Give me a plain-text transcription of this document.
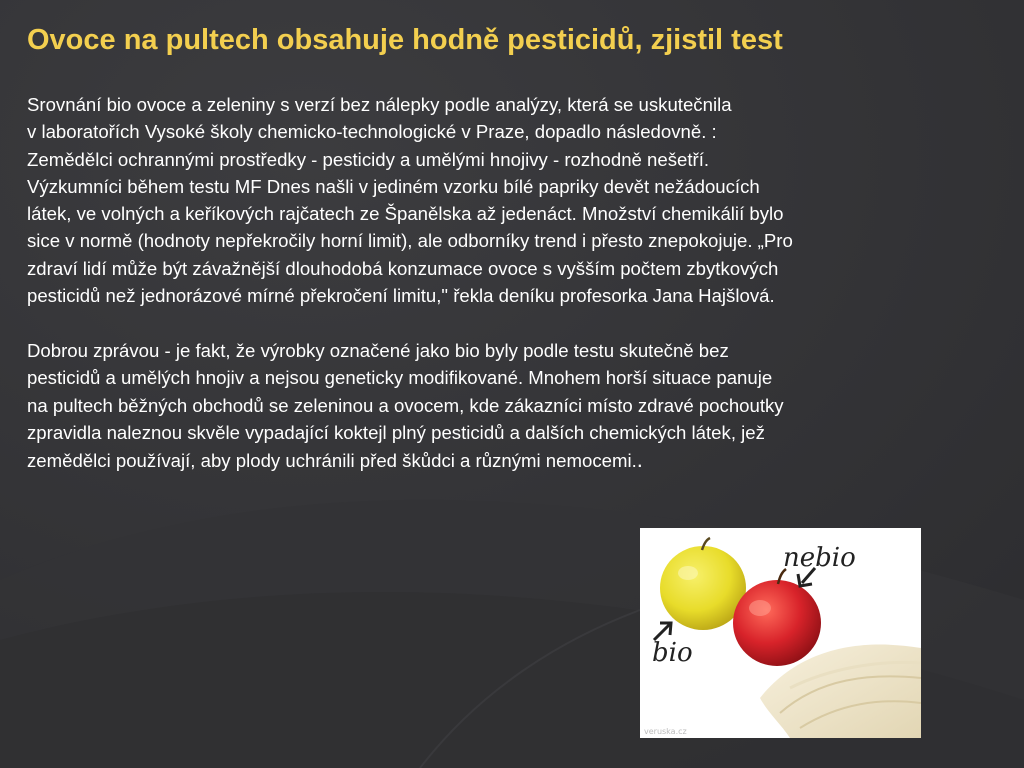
Ovoce na pultech obsahuje hodně pesticidů, zjistil test

Srovnání bio ovoce a zeleniny s verzí bez nálepky podle analýzy, která se uskutečnila
v laboratořích Vysoké školy chemicko-technologické v Praze, dopadlo následovně. :
Zemědělci ochrannými prostředky - pesticidy a umělými hnojivy - rozhodně nešetří.
Výzkumníci během testu MF Dnes našli v jediném vzorku bílé papriky devět nežádoucích
látek, ve volných a keříkových rajčatech ze Španělska až jedenáct. Množství chemikálií bylo
sice v normě (hodnoty nepřekročily horní limit), ale odborníky trend i přesto znepokojuje. „Pro
zdraví lidí může být závažnější dlouhodobá konzumace ovoce s vyšším počtem zbytkových
pesticidů než jednorázové mírné překročení limitu," řekla deníku profesorka Jana Hajšlová.

Dobrou zprávou - je fakt, že výrobky označené jako bio byly podle testu skutečně bez
pesticidů a umělých hnojiv a nejsou geneticky modifikované. Mnohem horší situace panuje
na pultech běžných obchodů se zeleninou a ovocem, kde zákazníci místo zdravé pochoutky
zpravidla naleznou skvěle vypadající koktejl plný pesticidů a dalších chemických látek, jež
zemědělci používají, aby plody uchránili před škůdci a různými nemocemi..

nebio
bio
veruska.cz
